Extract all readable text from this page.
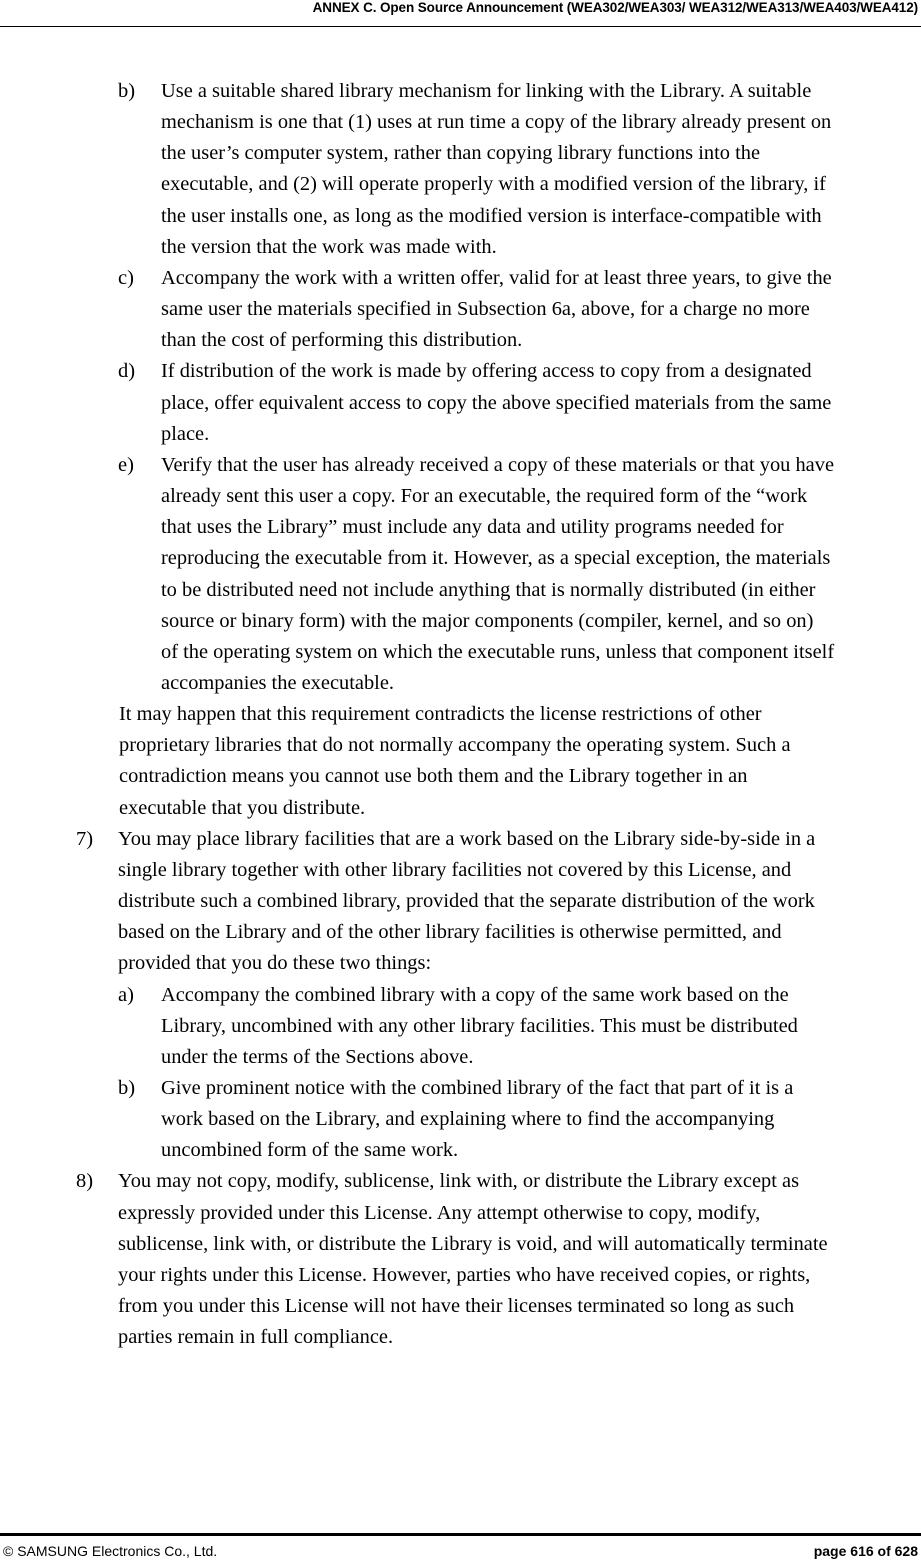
ANNEX C. Open Source Announcement (WEA302/WEA303/ WEA312/WEA313/WEA403/WEA412)
b) Use a suitable shared library mechanism for linking with the Library. A suitable
mechanism is one that (1) uses at run time a copy of the library already present on
the user’s computer system, rather than copying library functions into the
executable, and (2) will operate properly with a modified version of the library, if
the user installs one, as long as the modified version is interface-compatible with
the version that the work was made with.
c) Accompany the work with a written offer, valid for at least three years, to give the
same user the materials specified in Subsection 6a, above, for a charge no more
than the cost of performing this distribution.
d) If distribution of the work is made by offering access to copy from a designated
place, offer equivalent access to copy the above specified materials from the same
place.
e) Verify that the user has already received a copy of these materials or that you have
already sent this user a copy. For an executable, the required form of the “work
that uses the Library” must include any data and utility programs needed for
reproducing the executable from it. However, as a special exception, the materials
to be distributed need not include anything that is normally distributed (in either
source or binary form) with the major components (compiler, kernel, and so on)
of the operating system on which the executable runs, unless that component itself
accompanies the executable.
It may happen that this requirement contradicts the license restrictions of other
proprietary libraries that do not normally accompany the operating system. Such a
contradiction means you cannot use both them and the Library together in an
executable that you distribute.
7) You may place library facilities that are a work based on the Library side-by-side in a
single library together with other library facilities not covered by this License, and
distribute such a combined library, provided that the separate distribution of the work
based on the Library and of the other library facilities is otherwise permitted, and
provided that you do these two things:
a) Accompany the combined library with a copy of the same work based on the
Library, uncombined with any other library facilities. This must be distributed
under the terms of the Sections above.
b) Give prominent notice with the combined library of the fact that part of it is a
work based on the Library, and explaining where to find the accompanying
uncombined form of the same work.
8) You may not copy, modify, sublicense, link with, or distribute the Library except as
expressly provided under this License. Any attempt otherwise to copy, modify,
sublicense, link with, or distribute the Library is void, and will automatically terminate
your rights under this License. However, parties who have received copies, or rights,
from you under this License will not have their licenses terminated so long as such
parties remain in full compliance.
© SAMSUNG Electronics Co., Ltd.	page 616 of 628
